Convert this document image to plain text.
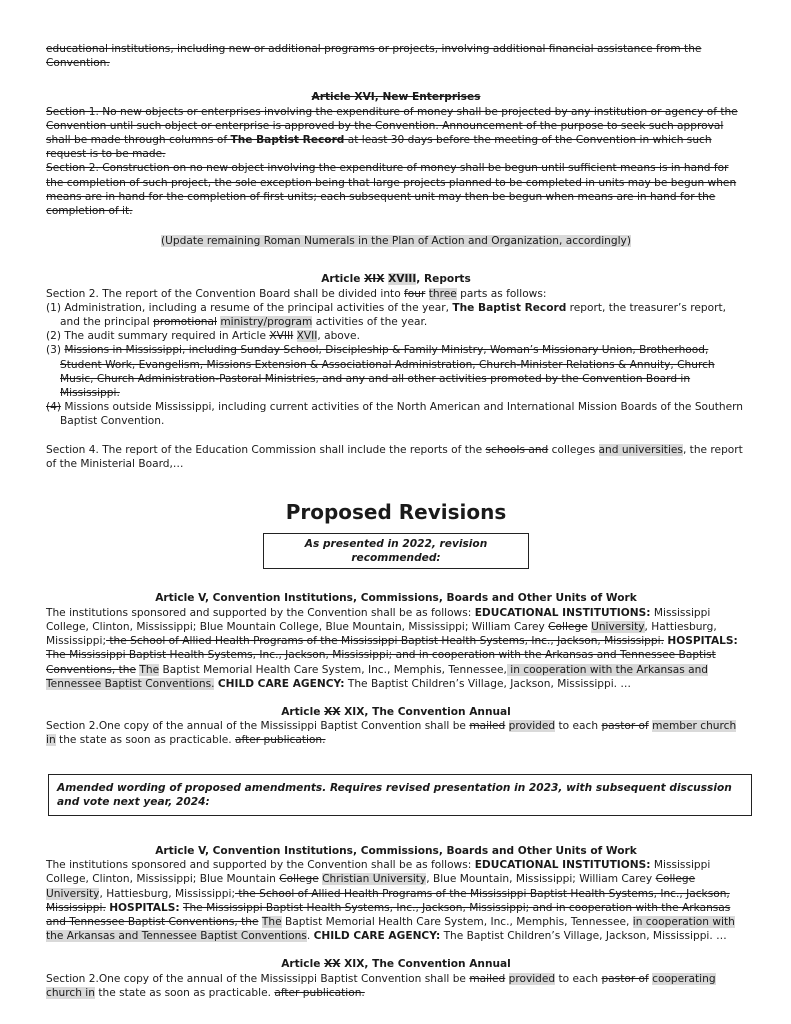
educational institutions, including new or additional programs or projects, involving additional financial assistance from the Convention.

Article XVI, New Enterprises

Section 1. No new objects or enterprises involving the expenditure of money shall be projected by any institution or agency of the Convention until such object or enterprise is approved by the Convention. Announcement of the purpose to seek such approval shall be made through columns of The Baptist Record at least 30 days before the meeting of the Convention in which such request is to be made.

Section 2. Construction on no new object involving the expenditure of money shall be begun until sufficient means is in hand for the completion of such project, the sole exception being that large projects planned to be completed in units may be begun when means are in hand for the completion of first units; each subsequent unit may then be begun when means are in hand for the completion of it.

(Update remaining Roman Numerals in the Plan of Action and Organization, accordingly)

Article XIX XVIII, Reports

Section 2. The report of the Convention Board shall be divided into four three parts as follows:

(1) Administration, including a resume of the principal activities of the year, The Baptist Record report, the treasurer’s report, and the principal promotional ministry/program activities of the year.

(2) The audit summary required in Article XVIII XVII, above.

(3) Missions in Mississippi, including Sunday School, Discipleship & Family Ministry, Woman’s Missionary Union, Brotherhood, Student Work, Evangelism, Missions Extension & Associational Administration, Church-Minister Relations & Annuity, Church Music, Church Administration-Pastoral Ministries, and any and all other activities promoted by the Convention Board in Mississippi.

(4) Missions outside Mississippi, including current activities of the North American and International Mission Boards of the Southern Baptist Convention.

Section 4. The report of the Education Commission shall include the reports of the schools and colleges and universities, the report of the Ministerial Board,…

Proposed Revisions

As presented in 2022, revision recommended:

Article V, Convention Institutions, Commissions, Boards and Other Units of Work

The institutions sponsored and supported by the Convention shall be as follows: EDUCATIONAL INSTITUTIONS: Mississippi College, Clinton, Mississippi; Blue Mountain College, Blue Mountain, Mississippi; William Carey College University, Hattiesburg, Mississippi; the School of Allied Health Programs of the Mississippi Baptist Health Systems, Inc., Jackson, Mississippi. HOSPITALS: The Mississippi Baptist Health Systems, Inc., Jackson, Mississippi; and in cooperation with the Arkansas and Tennessee Baptist Conventions, the The Baptist Memorial Health Care System, Inc., Memphis, Tennessee, in cooperation with the Arkansas and Tennessee Baptist Conventions. CHILD CARE AGENCY: The Baptist Children’s Village, Jackson, Mississippi. …

Article XX XIX, The Convention Annual

Section 2.One copy of the annual of the Mississippi Baptist Convention shall be mailed provided to each pastor of member church in the state as soon as practicable. after publication.

Amended wording of proposed amendments. Requires revised presentation in 2023, with subsequent discussion and vote next year, 2024:

Article V, Convention Institutions, Commissions, Boards and Other Units of Work

The institutions sponsored and supported by the Convention shall be as follows: EDUCATIONAL INSTITUTIONS: Mississippi College, Clinton, Mississippi; Blue Mountain College Christian University, Blue Mountain, Mississippi; William Carey College University, Hattiesburg, Mississippi; the School of Allied Health Programs of the Mississippi Baptist Health Systems, Inc., Jackson, Mississippi. HOSPITALS: The Mississippi Baptist Health Systems, Inc., Jackson, Mississippi; and in cooperation with the Arkansas and Tennessee Baptist Conventions, the The Baptist Memorial Health Care System, Inc., Memphis, Tennessee, in cooperation with the Arkansas and Tennessee Baptist Conventions. CHILD CARE AGENCY: The Baptist Children’s Village, Jackson, Mississippi. …

Article XX XIX, The Convention Annual

Section 2.One copy of the annual of the Mississippi Baptist Convention shall be mailed provided to each pastor of cooperating church in the state as soon as practicable. after publication.
